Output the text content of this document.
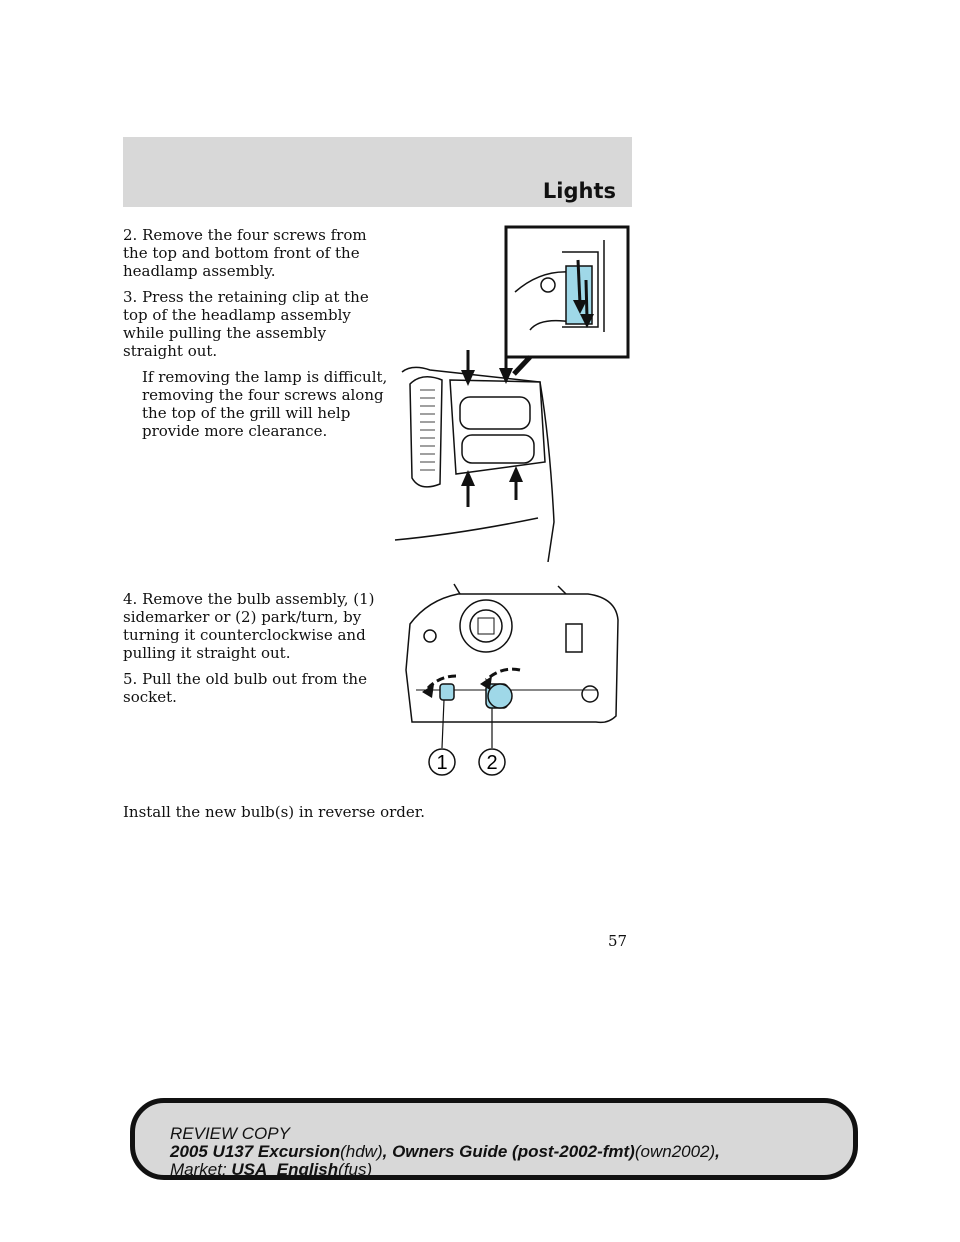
Lights

2. Remove the four screws from the top and bottom front of the headlamp assembly.

3. Press the retaining clip at the top of the headlamp assembly while pulling the assembly straight out.

If removing the lamp is difficult, removing the four screws along the top of the grill will help provide more clearance.

4. Remove the bulb assembly, (1) sidemarker or (2) park/turn, by turning it counterclockwise and pulling it straight out.

5. Pull the old bulb out from the socket.

1 2

Install the new bulb(s) in reverse order.

57
REVIEW COPY
2005 U137 Excursion(hdw), Owners Guide (post-2002-fmt)(own2002),
Market: USA_English(fus)
